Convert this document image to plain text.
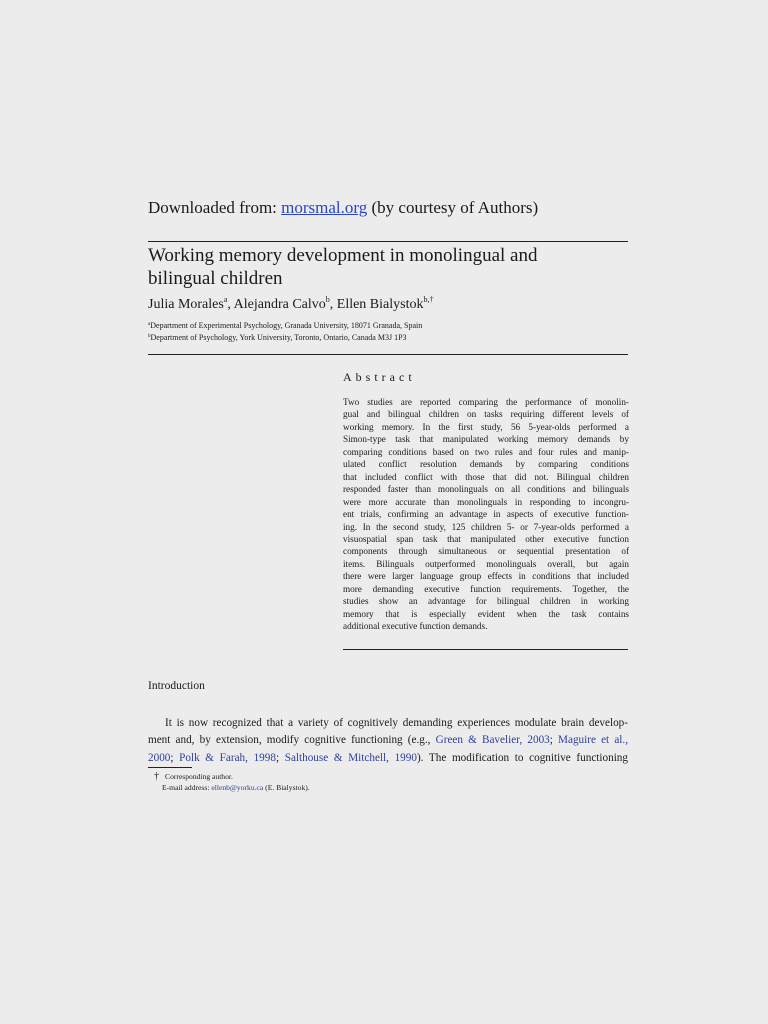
Downloaded from: morsmal.org (by courtesy of Authors)
Working memory development in monolingual and
bilingual children
Julia Morales$^a$, Alejandra Calvo$^b$, Ellen Bialystok$^{b,\dagger}$
$^a$Department of Experimental Psychology, Granada University, 18071 Granada, Spain
$^b$Department of Psychology, York University, Toronto, Ontario, Canada M3J 1P3
Abstract
Two studies are reported comparing the performance of monolin-
gual and bilingual children on tasks requiring different levels of
working memory. In the first study, 56 5-year-olds performed a
Simon-type task that manipulated working memory demands by
comparing conditions based on two rules and four rules and manip-
ulated conflict resolution demands by comparing conditions
that included conflict with those that did not. Bilingual children
responded faster than monolinguals on all conditions and bilinguals
were more accurate than monolinguals in responding to incongru-
ent trials, confirming an advantage in aspects of executive function-
ing. In the second study, 125 children 5- or 7-year-olds performed a
visuospatial span task that manipulated other executive function
components through simultaneous or sequential presentation of
items. Bilinguals outperformed monolinguals overall, but again
there were larger language group effects in conditions that included
more demanding executive function requirements. Together, the
studies show an advantage for bilingual children in working
memory that is especially evident when the task contains
additional executive function demands.
Introduction
It is now recognized that a variety of cognitively demanding experiences modulate brain develop-
ment and, by extension, modify cognitive functioning (e.g., Green & Bavelier, 2003; Maguire et al.,
2000; Polk & Farah, 1998; Salthouse & Mitchell, 1990). The modification to cognitive functioning
† Corresponding author.
E-mail address: ellenb@yorku.ca (E. Bialystok).
